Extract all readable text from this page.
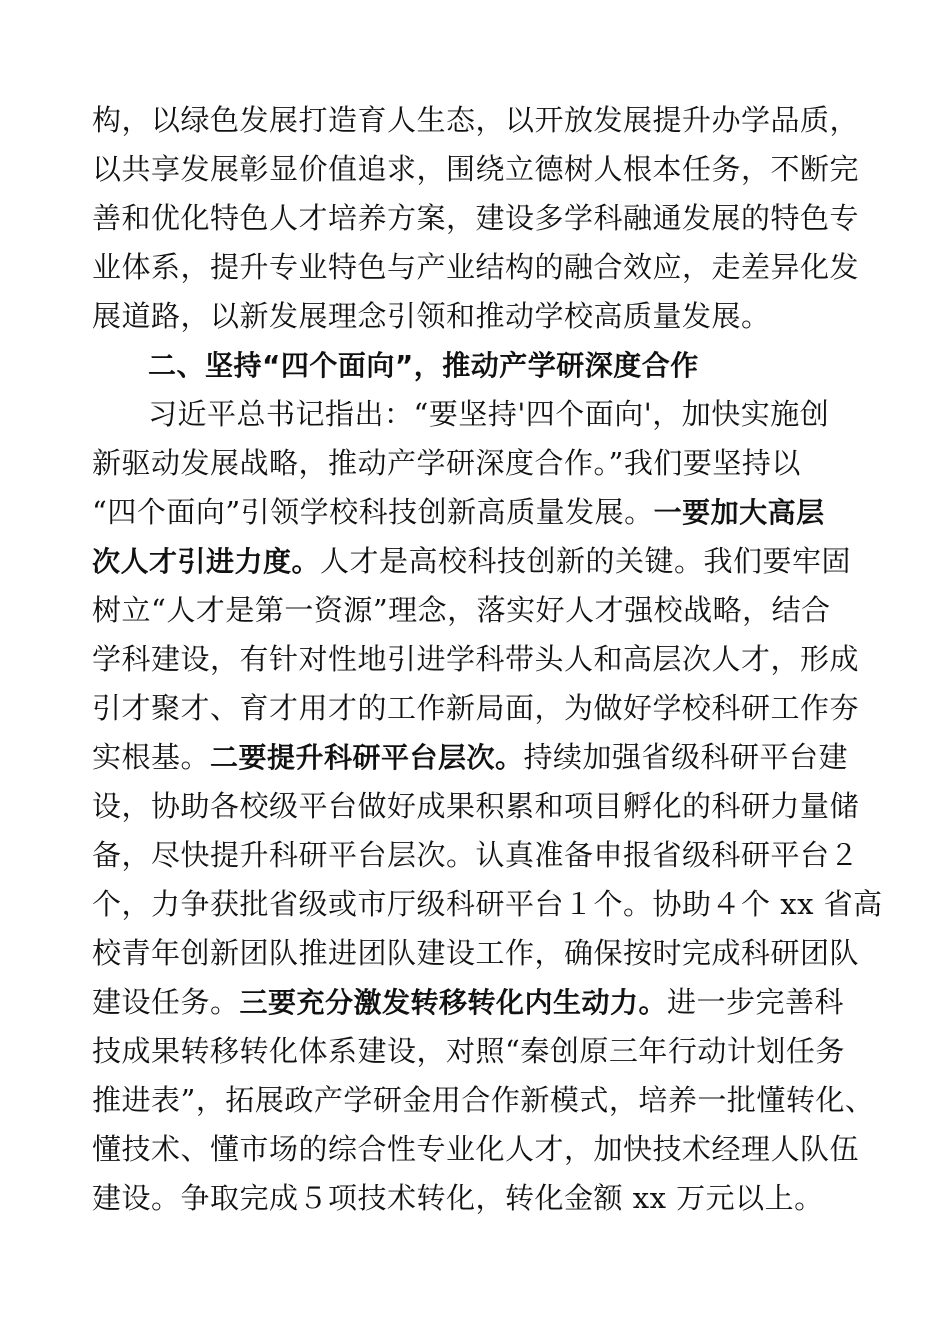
构，以绿色发展打造育人生态，以开放发展提升办学品质，
以共享发展彰显价值追求，围绕立德树人根本任务，不断完
善和优化特色人才培养方案，建设多学科融通发展的特色专
业体系，提升专业特色与产业结构的融合效应，走差异化发
展道路，以新发展理念引领和推动学校高质量发展。
二、坚持“四个面向”，推动产学研深度合作
习近平总书记指出：“要坚持'四个面向'，加快实施创
新驱动发展战略，推动产学研深度合作。”我们要坚持以
“四个面向”引领学校科技创新高质量发展。一要加大高层
次人才引进力度。人才是高校科技创新的关键。我们要牢固
树立“人才是第一资源”理念，落实好人才强校战略，结合
学科建设，有针对性地引进学科带头人和高层次人才，形成
引才聚才、育才用才的工作新局面，为做好学校科研工作夯
实根基。二要提升科研平台层次。持续加强省级科研平台建
设，协助各校级平台做好成果积累和项目孵化的科研力量储
备，尽快提升科研平台层次。认真准备申报省级科研平台２
个，力争获批省级或市厅级科研平台１个。协助４个 xx 省高
校青年创新团队推进团队建设工作，确保按时完成科研团队
建设任务。三要充分激发转移转化内生动力。进一步完善科
技成果转移转化体系建设，对照“秦创原三年行动计划任务
推进表”，拓展政产学研金用合作新模式，培养一批懂转化、
懂技术、懂市场的综合性专业化人才，加快技术经理人队伍
建设。争取完成５项技术转化，转化金额 xx 万元以上。
